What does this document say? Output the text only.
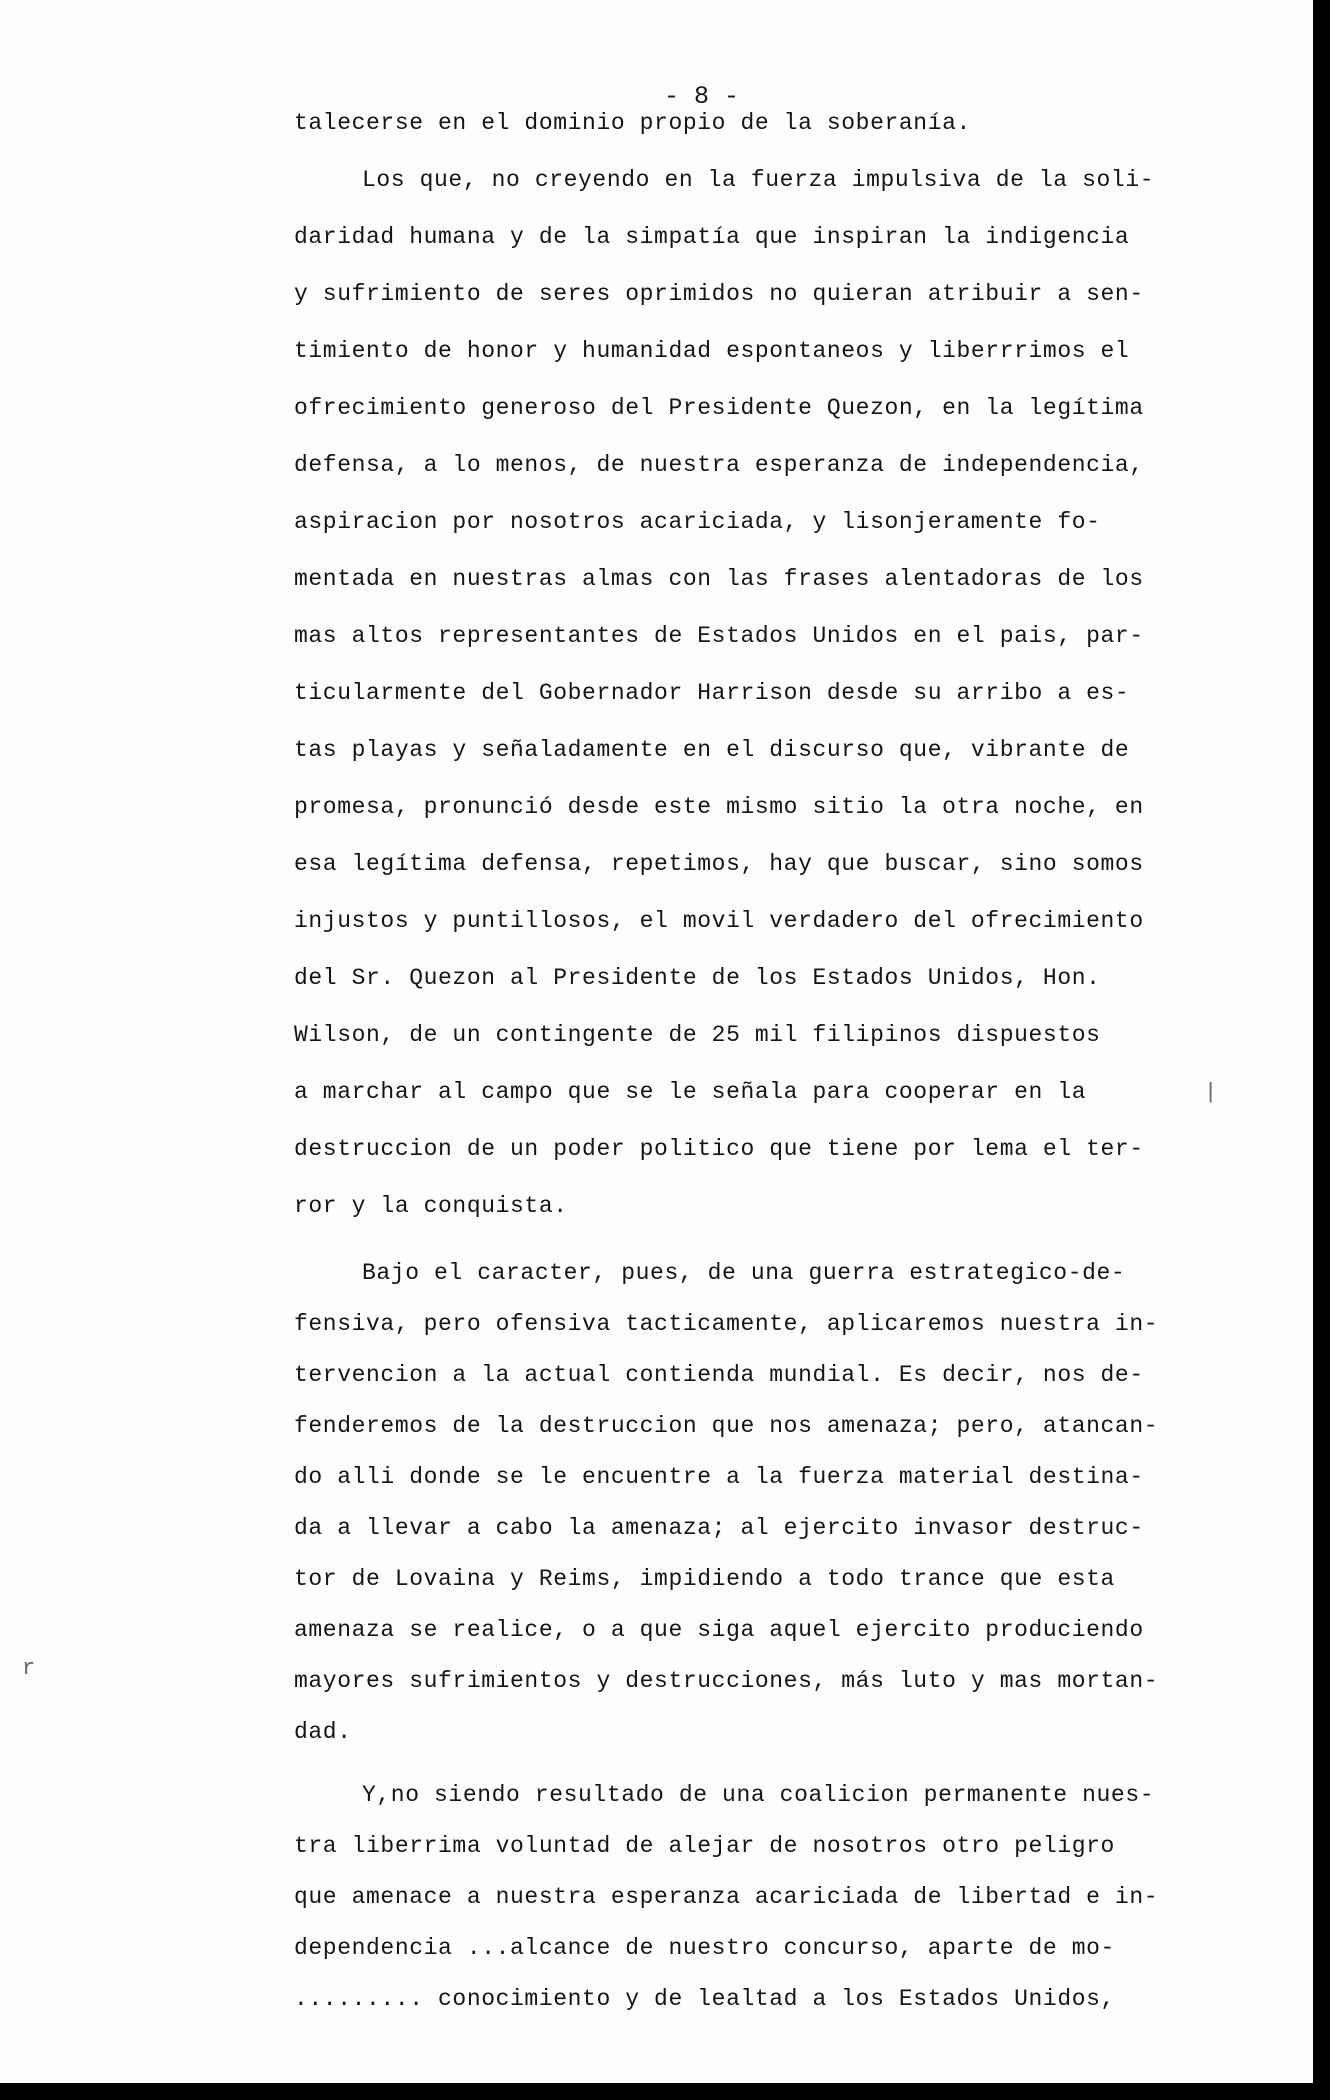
- 8 -
talecerse en el dominio propio de la soberanía.
Los que, no creyendo en la fuerza impulsiva de la soli-
daridad humana y de la simpatía que inspiran la indigencia
y sufrimiento de seres oprimidos no quieran atribuir a sen-
timiento de honor y humanidad espontaneos y liberrrimos el
ofrecimiento generoso del Presidente Quezon, en la legítima
defensa, a lo menos, de nuestra esperanza de independencia,
aspiracion por nosotros acariciada, y lisonjeramente fo-
mentada en nuestras almas con las frases alentadoras de los
mas altos representantes de Estados Unidos en el pais, par-
ticularmente del Gobernador Harrison desde su arribo a es-
tas playas y señaladamente en el discurso que, vibrante de
promesa, pronunció desde este mismo sitio la otra noche, en
esa legítima defensa, repetimos, hay que buscar, sino somos
injustos y puntillosos, el movil verdadero del ofrecimiento
del Sr. Quezon al Presidente de los Estados Unidos, Hon.
Wilson, de un contingente de 25 mil filipinos dispuestos
a marchar al campo que se le señala para cooperar en la
destruccion de un poder politico que tiene por lema el ter-
ror y la conquista.
Bajo el caracter, pues, de una guerra estrategico-de-
fensiva, pero ofensiva tacticamente, aplicaremos nuestra in-
tervencion a la actual contienda mundial. Es decir, nos de-
fenderemos de la destruccion que nos amenaza; pero, atancan-
do alli donde se le encuentre a la fuerza material destina-
da a llevar a cabo la amenaza; al ejercito invasor destruc-
tor de Lovaina y Reims, impidiendo a todo trance que esta
amenaza se realice, o a que siga aquel ejercito produciendo
mayores sufrimientos y destrucciones, más luto y mas mortan-
dad.
Y,no siendo resultado de una coalicion permanente nues-
tra liberrima voluntad de alejar de nosotros otro peligro
que amenace a nuestra esperanza acariciada de libertad e in-
dependencia ...alcance de nuestro concurso, aparte de mo-
......... conocimiento y de lealtad a los Estados Unidos,
|
r
